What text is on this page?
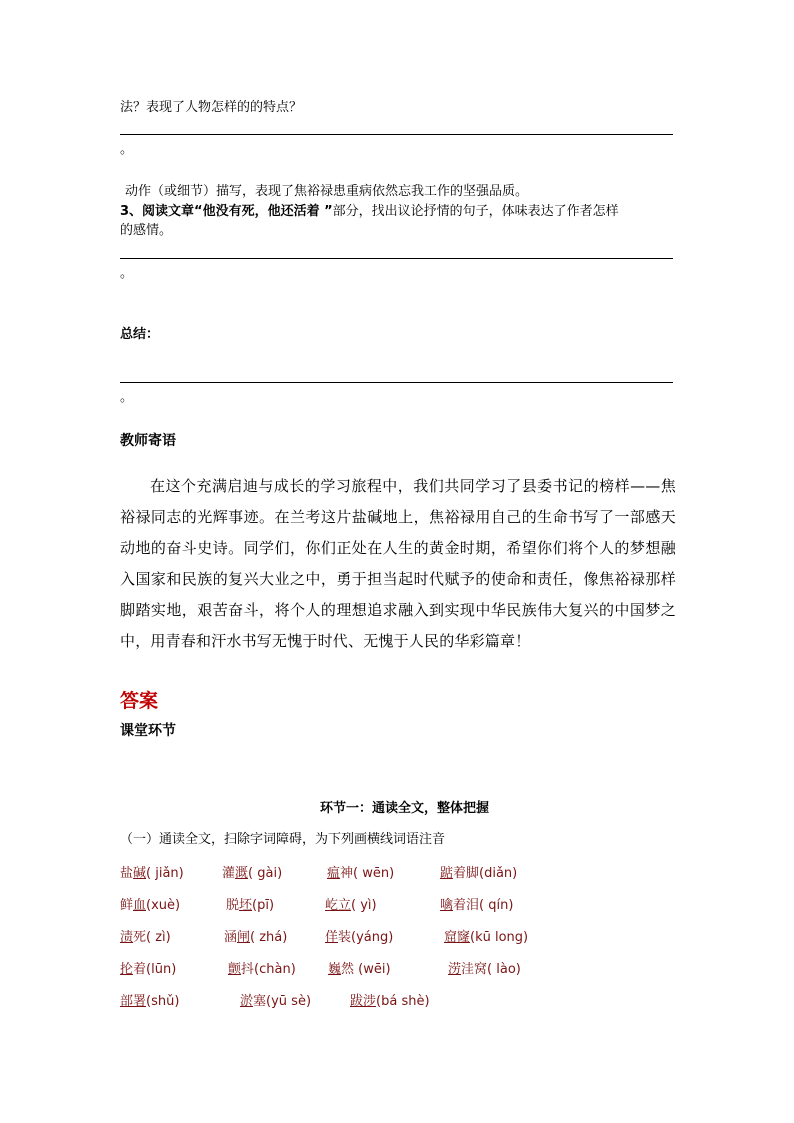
法？表现了人物怎样的的特点？
。
动作（或细节）描写，表现了焦裕禄患重病依然忘我工作的坚强品质。
3、阅读文章“他没有死，他还活着 ”部分，找出议论抒情的句子，体味表达了作者怎样
的感情。
。
总结：
。
教师寄语
在这个充满启迪与成长的学习旅程中，我们共同学习了县委书记的榜样——焦裕禄同志的光辉事迹。在兰考这片盐碱地上，焦裕禄用自己的生命书写了一部感天动地的奋斗史诗。同学们，你们正处在人生的黄金时期，希望你们将个人的梦想融入国家和民族的复兴大业之中，勇于担当起时代赋予的使命和责任，像焦裕禄那样脚踏实地，艰苦奋斗，将个人的理想追求融入到实现中华民族伟大复兴的中国梦之中，用青春和汗水书写无愧于时代、无愧于人民的华彩篇章！
答案
课堂环节
环节一：通读全文，整体把握
（一）通读全文，扫除字词障碍，为下列画横线词语注音
盐碱( jiǎn)	灌溉( gài)	瘟神( wēn)	踮着脚(diǎn)
鲜血(xuè)	脱坯(pī)	屹立( yì)	噙着泪( qín)
渍死( zì)	涵闸( zhá)	佯装(yáng)	窟窿(kū long)
抡着(lūn)	颤抖(chàn) 巍然 (wēi)	涝洼窝( lào)
部署(shǔ)	淤塞(yū sè)	跋涉(bá shè)
